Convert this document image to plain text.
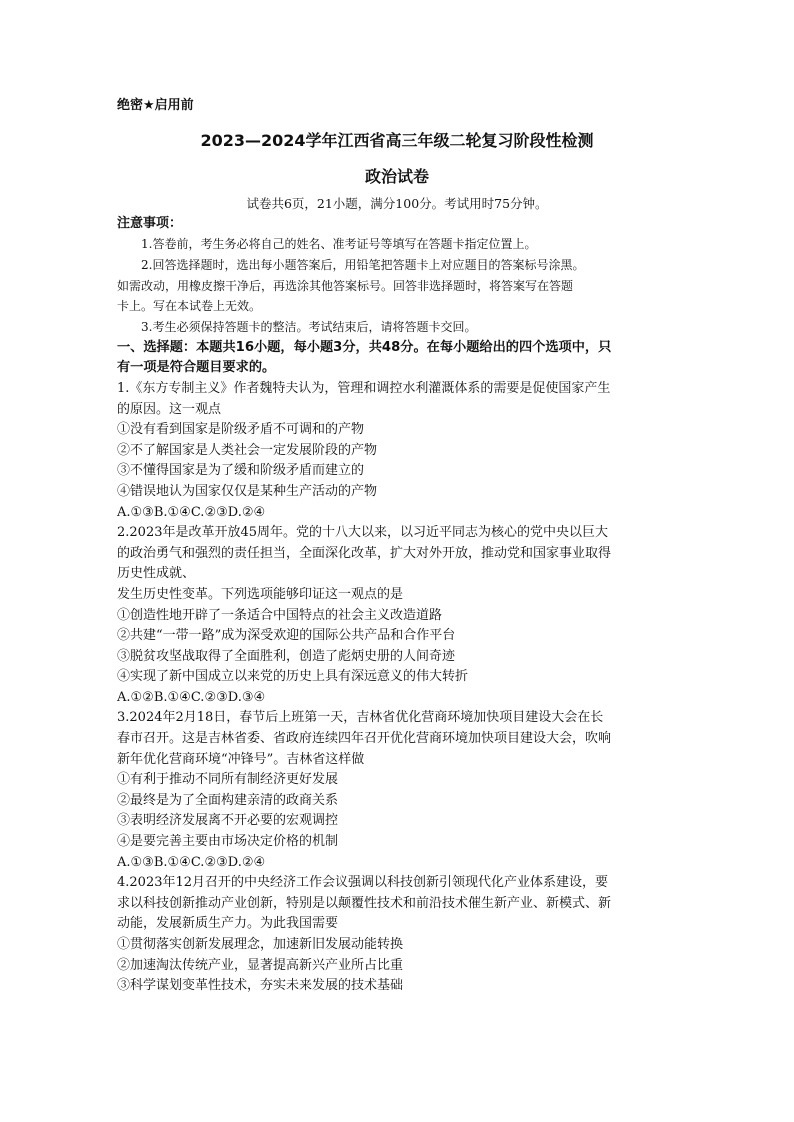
绝密★启用前
2023—2024学年江西省高三年级二轮复习阶段性检测
政治试卷
试卷共6页，21小题，满分100分。考试用时75分钟。
注意事项：
1.答卷前，考生务必将自己的姓名、准考证号等填写在答题卡指定位置上。
2.回答选择题时，选出每小题答案后，用铅笔把答题卡上对应题目的答案标号涂黑。
如需改动，用橡皮擦干净后，再选涂其他答案标号。回答非选择题时，将答案写在答题
卡上。写在本试卷上无效。
3.考生必须保持答题卡的整洁。考试结束后，请将答题卡交回。
一、选择题：本题共16小题，每小题3分，共48分。在每小题给出的四个选项中，只
有一项是符合题目要求的。
1.《东方专制主义》作者魏特夫认为，管理和调控水利灌溉体系的需要是促使国家产生
的原因。这一观点
①没有看到国家是阶级矛盾不可调和的产物
②不了解国家是人类社会一定发展阶段的产物
③不懂得国家是为了缓和阶级矛盾而建立的
④错误地认为国家仅仅是某种生产活动的产物
A.①③B.①④C.②③D.②④
2.2023年是改革开放45周年。党的十八大以来，以习近平同志为核心的党中央以巨大
的政治勇气和强烈的责任担当，全面深化改革，扩大对外开放，推动党和国家事业取得
历史性成就、
发生历史性变革。下列选项能够印证这一观点的是
①创造性地开辟了一条适合中国特点的社会主义改造道路
②共建“一带一路”成为深受欢迎的国际公共产品和合作平台
③脱贫攻坚战取得了全面胜利，创造了彪炳史册的人间奇迹
④实现了新中国成立以来党的历史上具有深远意义的伟大转折
A.①②B.①④C.②③D.③④
3.2024年2月18日，春节后上班第一天，吉林省优化营商环境加快项目建设大会在长
春市召开。这是吉林省委、省政府连续四年召开优化营商环境加快项目建设大会，吹响
新年优化营商环境“冲锋号”。吉林省这样做
①有利于推动不同所有制经济更好发展
②最终是为了全面构建亲清的政商关系
③表明经济发展离不开必要的宏观调控
④是要完善主要由市场决定价格的机制
A.①③B.①④C.②③D.②④
4.2023年12月召开的中央经济工作会议强调以科技创新引领现代化产业体系建设，要
求以科技创新推动产业创新，特别是以颠覆性技术和前沿技术催生新产业、新模式、新
动能，发展新质生产力。为此我国需要
①贯彻落实创新发展理念，加速新旧发展动能转换
②加速淘汰传统产业，显著提高新兴产业所占比重
③科学谋划变革性技术，夯实未来发展的技术基础
